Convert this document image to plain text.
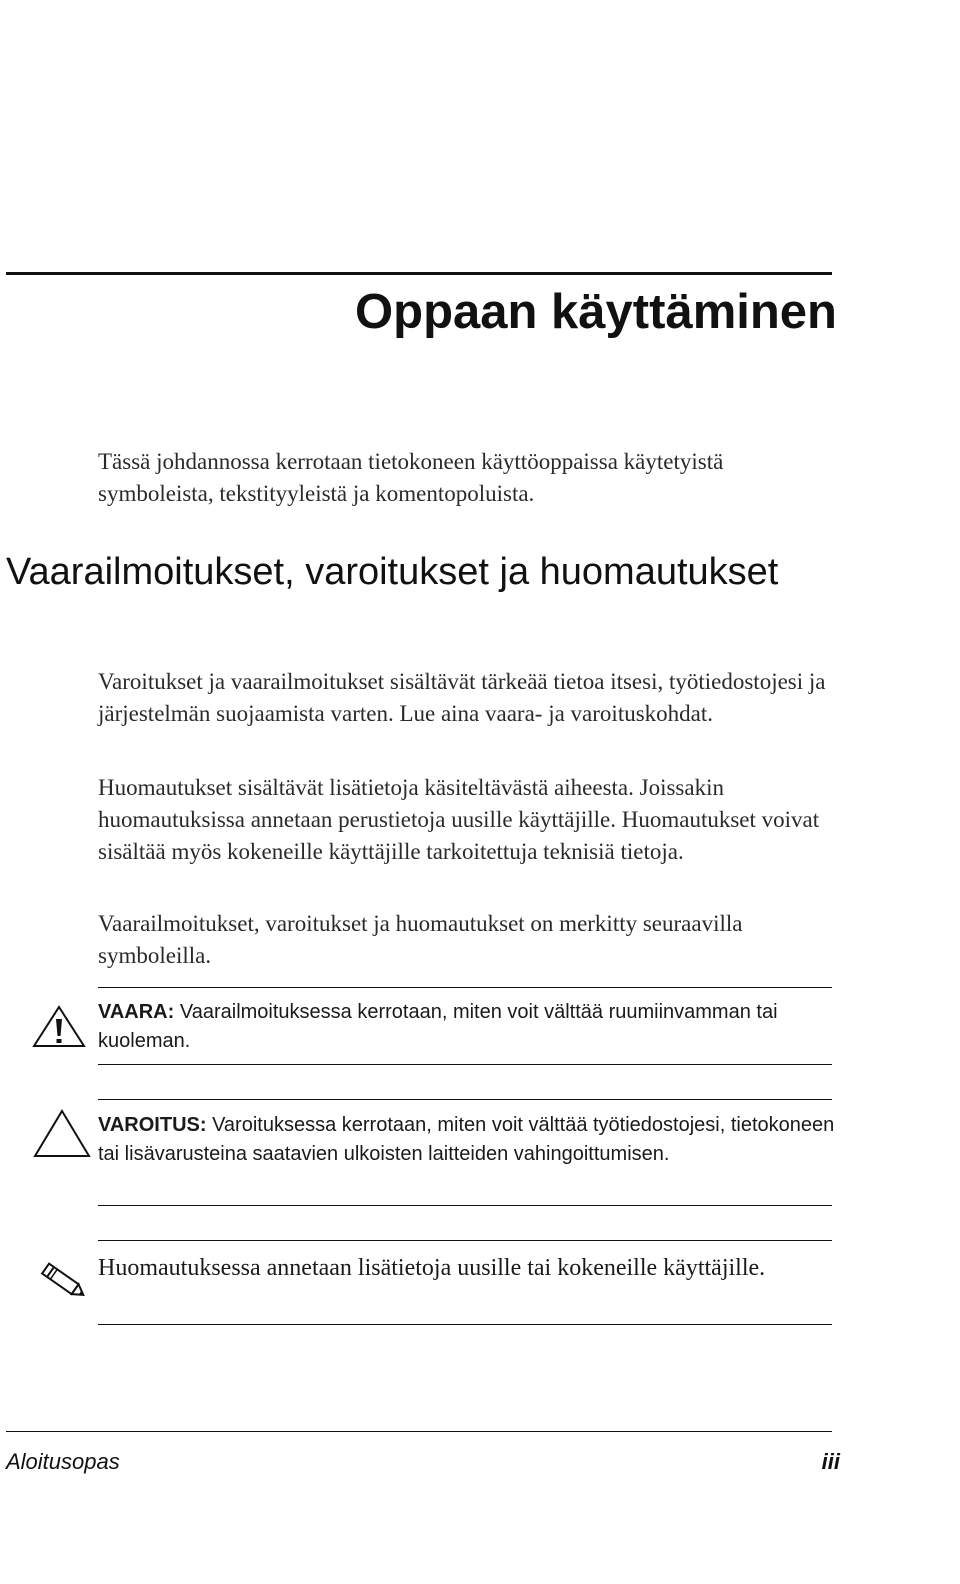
Oppaan käyttäminen

Tässä johdannossa kerrotaan tietokoneen käyttöoppaissa käytetyistä symboleista, tekstityyleistä ja komentopoluista.

Vaarailmoitukset, varoitukset ja huomautukset

Varoitukset ja vaarailmoitukset sisältävät tärkeää tietoa itsesi, työtiedostojesi ja järjestelmän suojaamista varten. Lue aina vaara- ja varoituskohdat.

Huomautukset sisältävät lisätietoja käsiteltävästä aiheesta. Joissakin huomautuksissa annetaan perustietoja uusille käyttäjille. Huomautukset voivat sisältää myös kokeneille käyttäjille tarkoitettuja teknisiä tietoja.

Vaarailmoitukset, varoitukset ja huomautukset on merkitty seuraavilla symboleilla.

VAARA: Vaarailmoituksessa kerrotaan, miten voit välttää ruumiinvamman tai kuoleman.
VAROITUS: Varoituksessa kerrotaan, miten voit välttää työtiedostojesi, tietokoneen tai lisävarusteina saatavien ulkoisten laitteiden vahingoittumisen.

Huomautuksessa annetaan lisätietoja uusille tai kokeneille käyttäjille.

Aloitusopas	iii
